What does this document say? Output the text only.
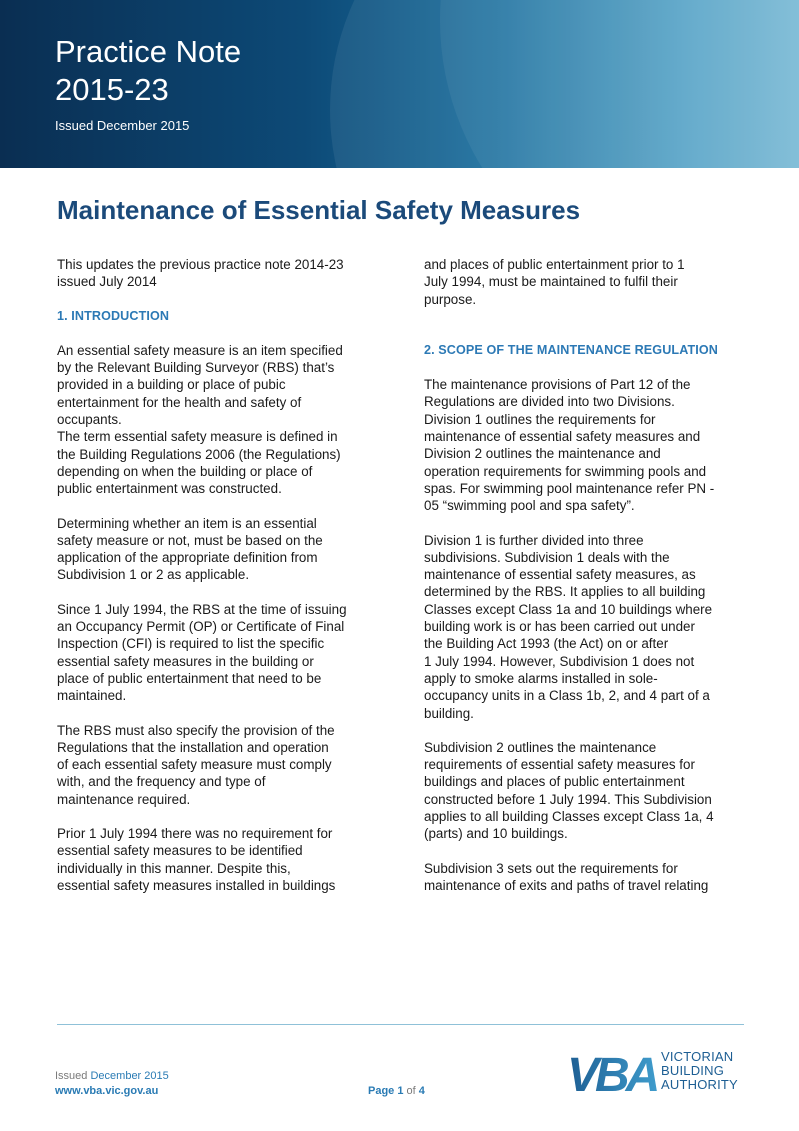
Practice Note
2015-23
Issued December 2015
Maintenance of Essential Safety Measures

This updates the previous practice note 2014-23
issued July 2014

1. INTRODUCTION

An essential safety measure is an item specified
by the Relevant Building Surveyor (RBS) that’s
provided in a building or place of pubic
entertainment for the health and safety of
occupants.

The term essential safety measure is defined in
the Building Regulations 2006 (the Regulations)
depending on when the building or place of
public entertainment was constructed.

Determining whether an item is an essential
safety measure or not, must be based on the
application of the appropriate definition from
Subdivision 1 or 2 as applicable.

Since 1 July 1994, the RBS at the time of issuing
an Occupancy Permit (OP) or Certificate of Final
Inspection (CFI) is required to list the specific
essential safety measures in the building or
place of public entertainment that need to be
maintained.

The RBS must also specify the provision of the
Regulations that the installation and operation
of each essential safety measure must comply
with, and the frequency and type of
maintenance required.

Prior 1 July 1994 there was no requirement for
essential safety measures to be identified
individually in this manner. Despite this,
essential safety measures installed in buildings

and places of public entertainment prior to 1
July 1994, must be maintained to fulfil their
purpose.

2. SCOPE OF THE MAINTENANCE REGULATION

The maintenance provisions of Part 12 of the
Regulations are divided into two Divisions.
Division 1 outlines the requirements for
maintenance of essential safety measures and
Division 2 outlines the maintenance and
operation requirements for swimming pools and
spas. For swimming pool maintenance refer PN -
05 “swimming pool and spa safety”.

Division 1 is further divided into three
subdivisions. Subdivision 1 deals with the
maintenance of essential safety measures, as
determined by the RBS. It applies to all building
Classes except Class 1a and 10 buildings where
building work is or has been carried out under
the Building Act 1993 (the Act) on or after
1 July 1994. However, Subdivision 1 does not
apply to smoke alarms installed in sole-
occupancy units in a Class 1b, 2, and 4 part of a
building.

Subdivision 2 outlines the maintenance
requirements of essential safety measures for
buildings and places of public entertainment
constructed before 1 July 1994. This Subdivision
applies to all building Classes except Class 1a, 4
(parts) and 10 buildings.

Subdivision 3 sets out the requirements for
maintenance of exits and paths of travel relating

Issued December 2015
www.vba.vic.gov.au	Page 1 of 4	VBA VICTORIAN
BUILDING
AUTHORITY
